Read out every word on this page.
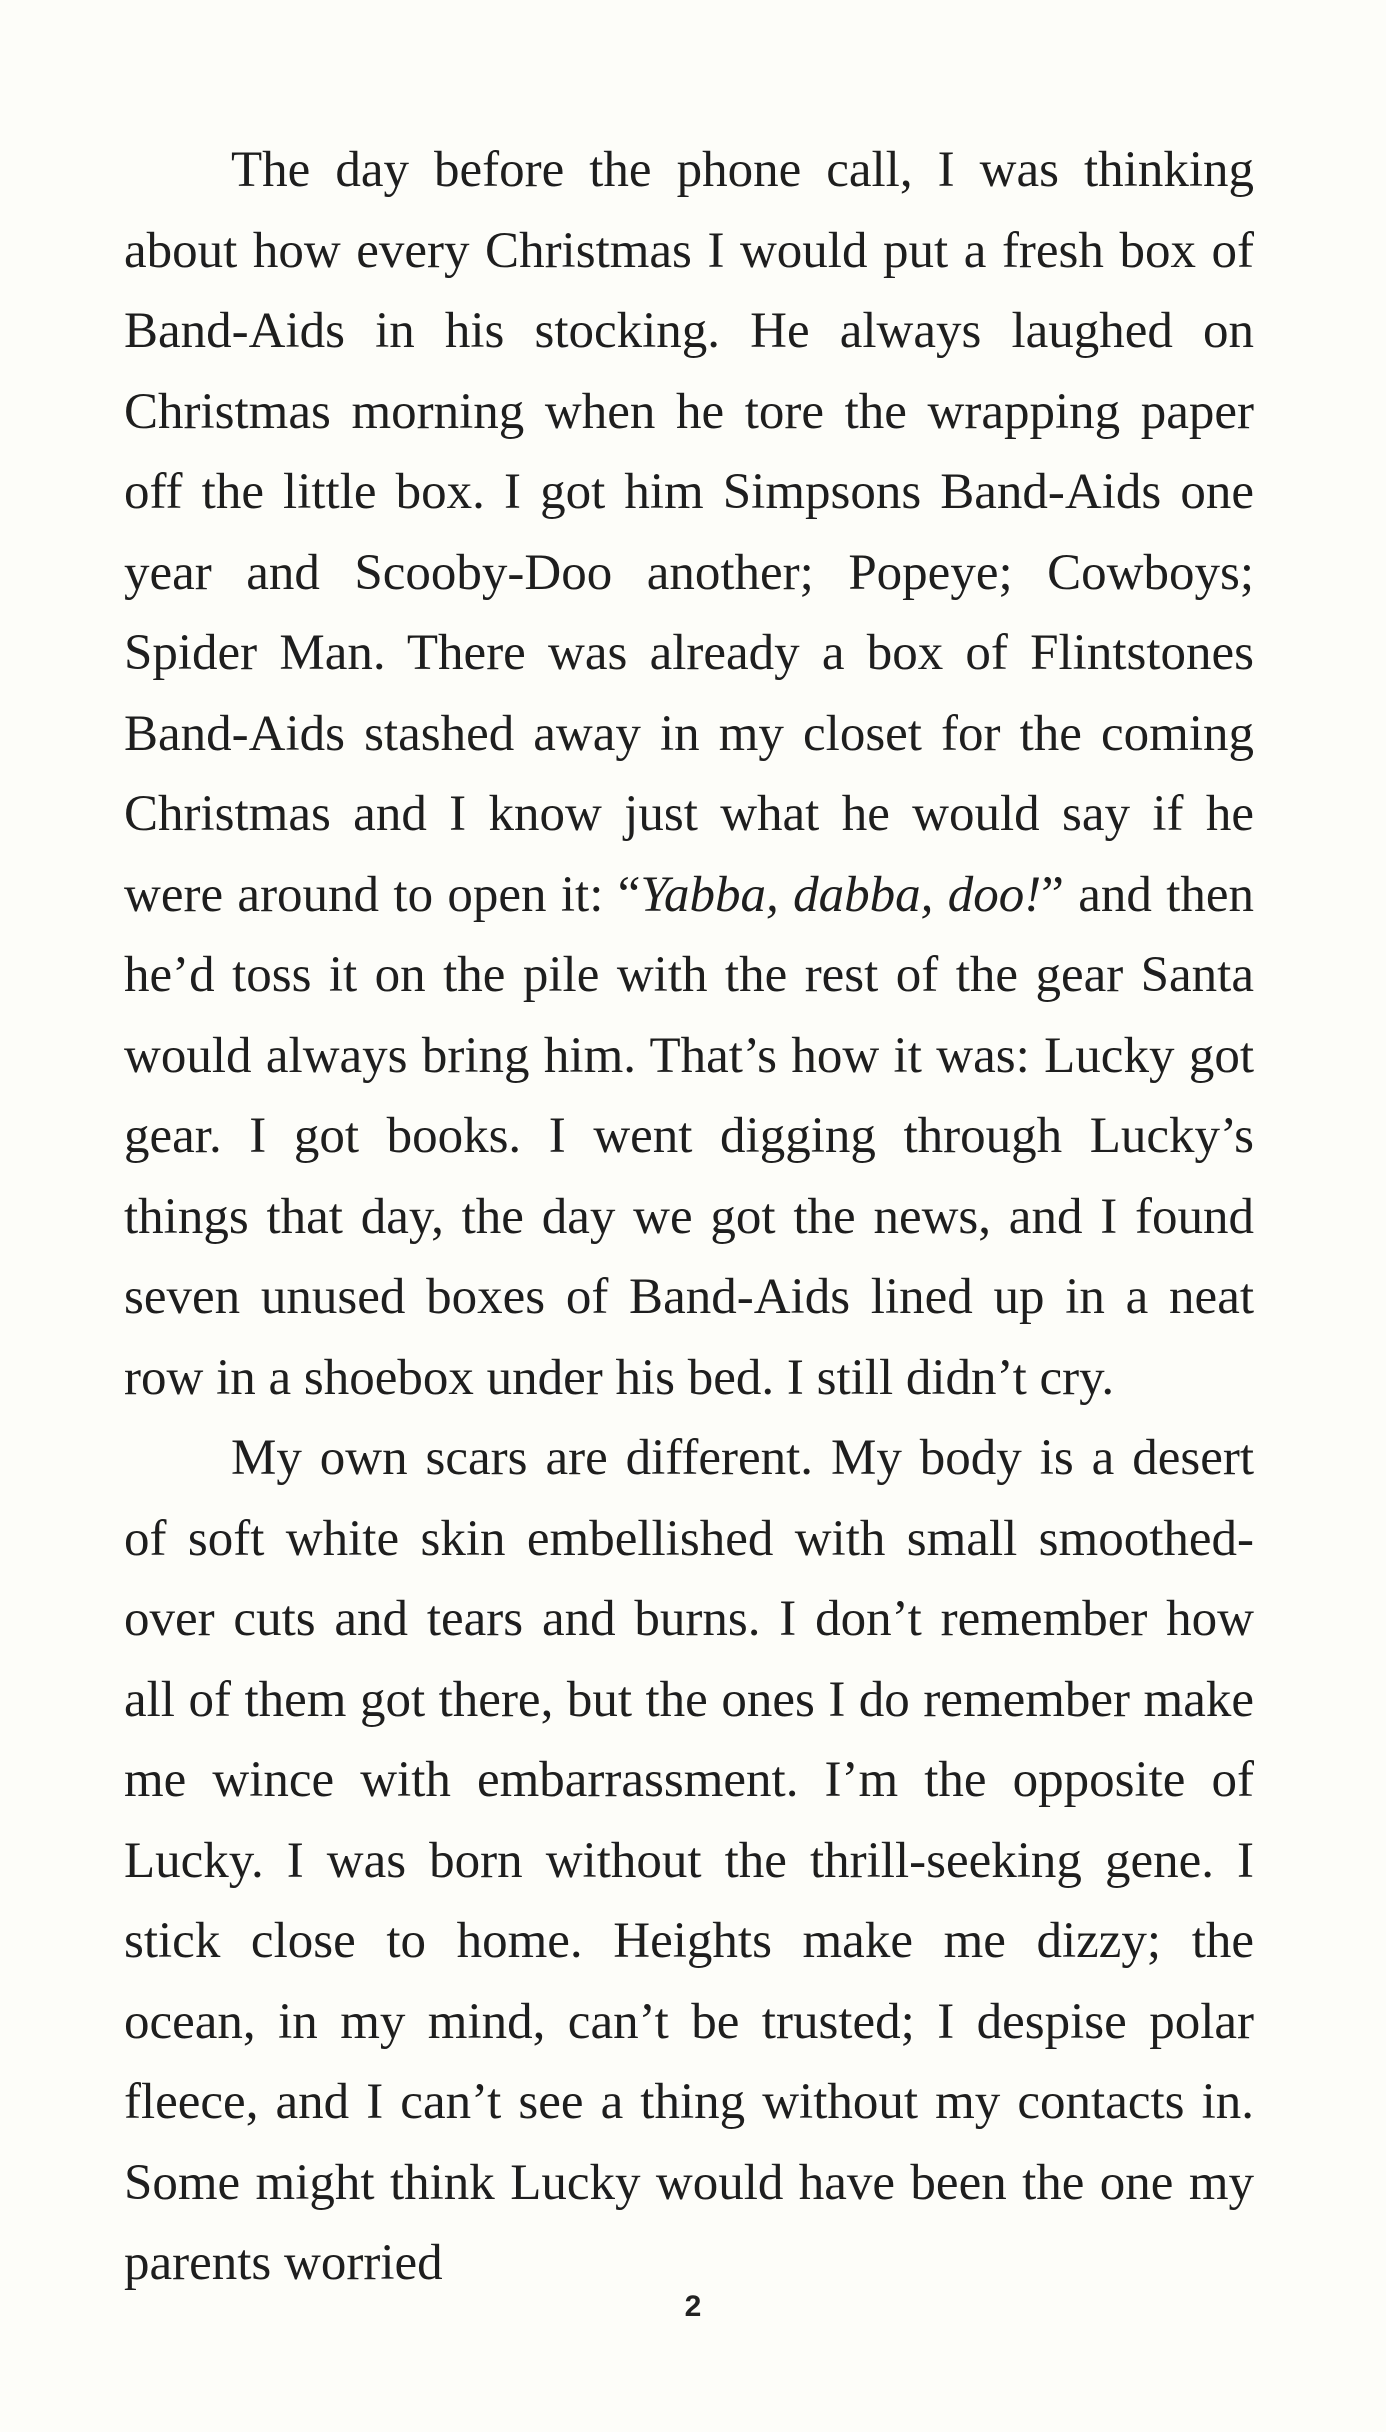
The day before the phone call, I was thinking about how every Christmas I would put a fresh box of Band-Aids in his stocking. He always laughed on Christmas morning when he tore the wrapping paper off the little box. I got him Simpsons Band-Aids one year and Scooby-Doo another; Popeye; Cowboys; Spider Man. There was already a box of Flintstones Band-Aids stashed away in my closet for the coming Christmas and I know just what he would say if he were around to open it: “Yabba, dabba, doo!” and then he’d toss it on the pile with the rest of the gear Santa would always bring him. That’s how it was: Lucky got gear. I got books. I went digging through Lucky’s things that day, the day we got the news, and I found seven unused boxes of Band-Aids lined up in a neat row in a shoebox under his bed. I still didn’t cry.

My own scars are different. My body is a desert of soft white skin embellished with small smoothed-over cuts and tears and burns. I don’t remember how all of them got there, but the ones I do remember make me wince with embarrassment. I’m the opposite of Lucky. I was born without the thrill-seeking gene. I stick close to home. Heights make me dizzy; the ocean, in my mind, can’t be trusted; I despise polar fleece, and I can’t see a thing without my contacts in. Some might think Lucky would have been the one my parents worried

2
